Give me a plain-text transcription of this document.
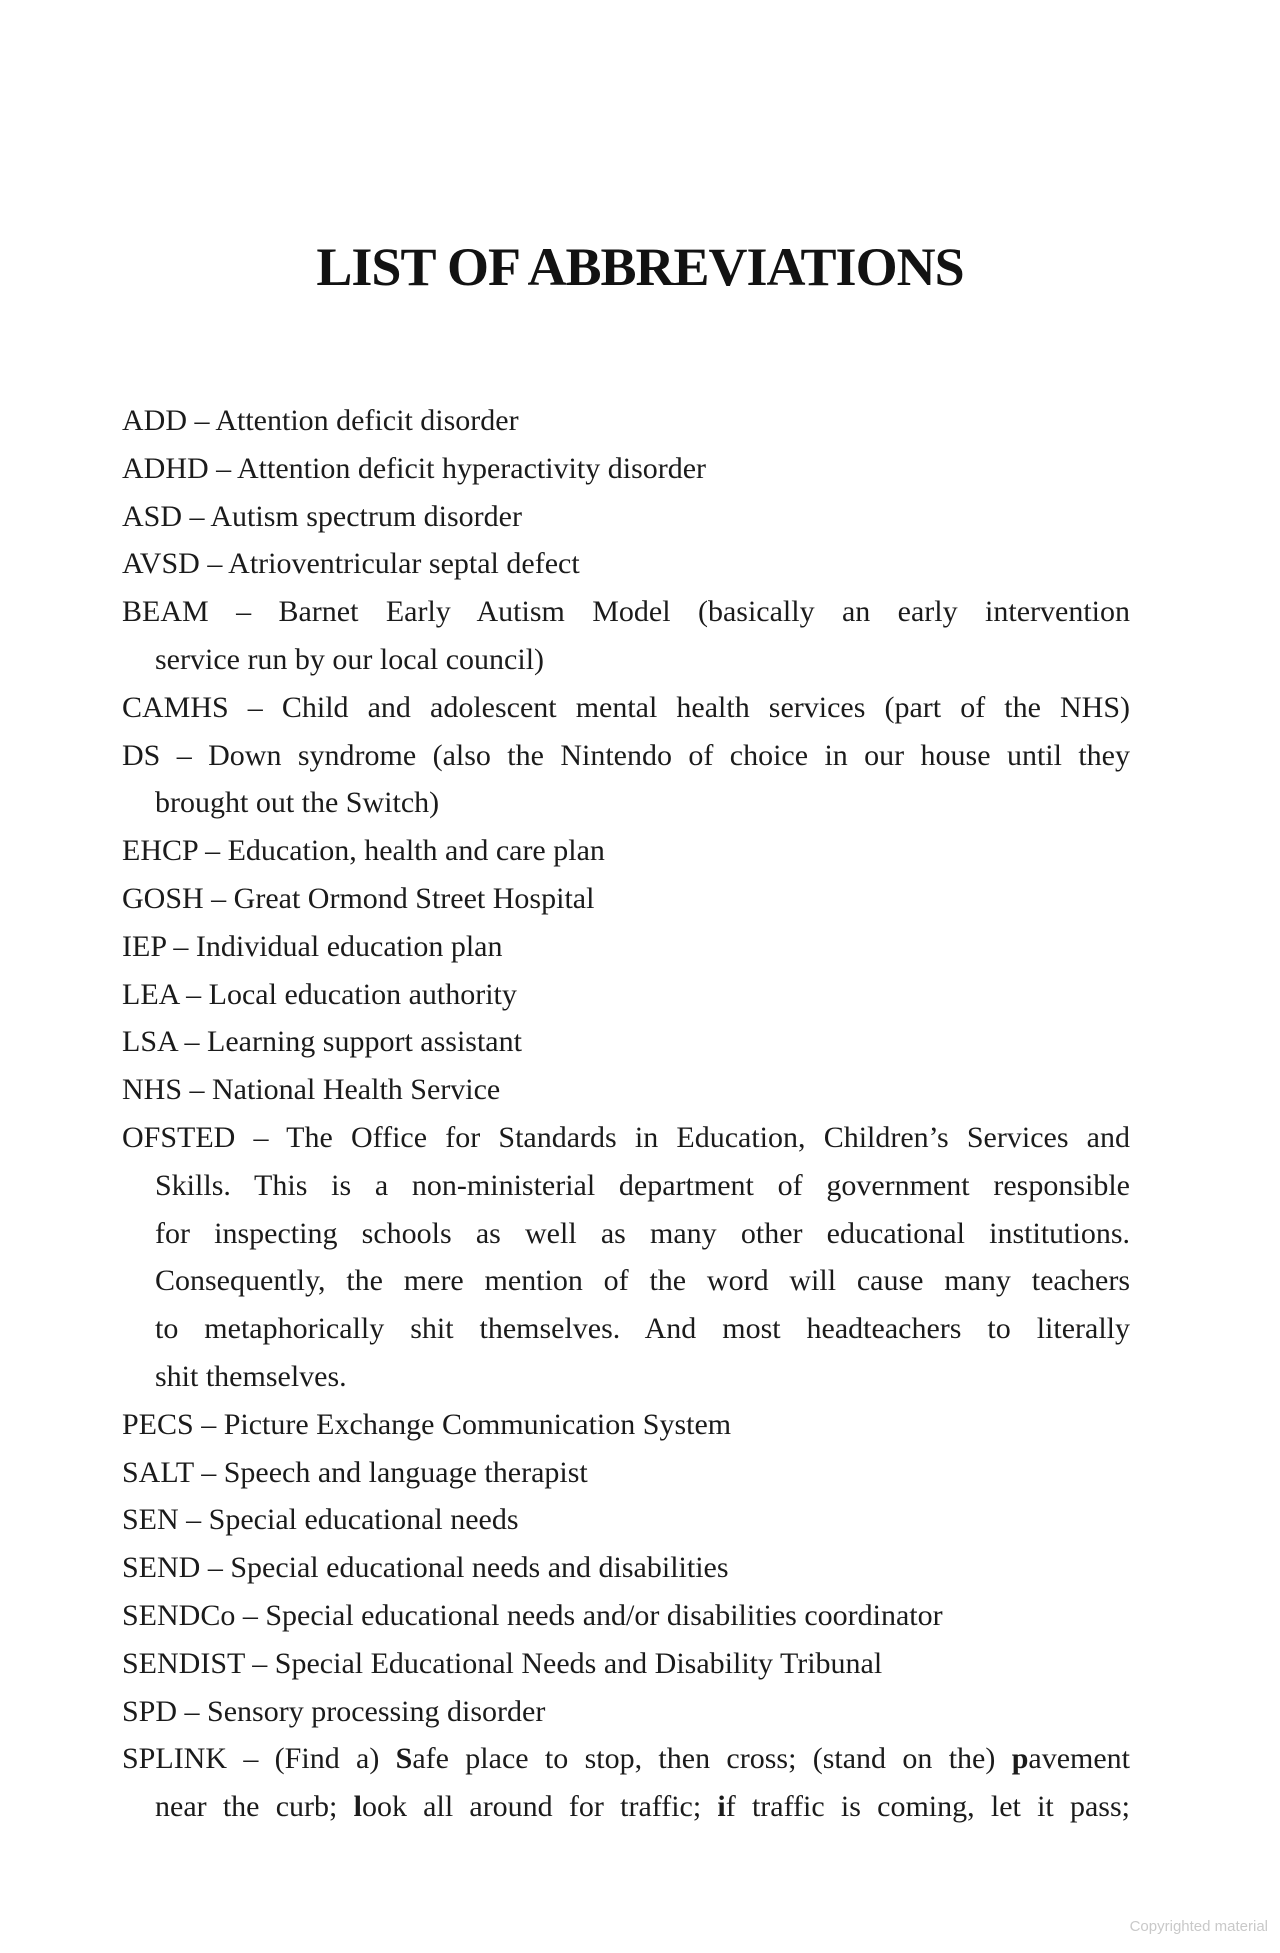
LIST OF ABBREVIATIONS
ADD – Attention deficit disorder
ADHD – Attention deficit hyperactivity disorder
ASD – Autism spectrum disorder
AVSD – Atrioventricular septal defect
BEAM – Barnet Early Autism Model (basically an early intervention
service run by our local council)
CAMHS – Child and adolescent mental health services (part of the NHS)
DS – Down syndrome (also the Nintendo of choice in our house until they
brought out the Switch)
EHCP – Education, health and care plan
GOSH – Great Ormond Street Hospital
IEP – Individual education plan
LEA – Local education authority
LSA – Learning support assistant
NHS – National Health Service
OFSTED – The Office for Standards in Education, Children’s Services and
Skills. This is a non-ministerial department of government responsible
for inspecting schools as well as many other educational institutions.
Consequently, the mere mention of the word will cause many teachers
to metaphorically shit themselves. And most headteachers to literally
shit themselves.
PECS – Picture Exchange Communication System
SALT – Speech and language therapist
SEN – Special educational needs
SEND – Special educational needs and disabilities
SENDCo – Special educational needs and/or disabilities coordinator
SENDIST – Special Educational Needs and Disability Tribunal
SPD – Sensory processing disorder
SPLINK – (Find a) Safe place to stop, then cross; (stand on the) pavement
near the curb; look all around for traffic; if traffic is coming, let it pass;
Copyrighted material
